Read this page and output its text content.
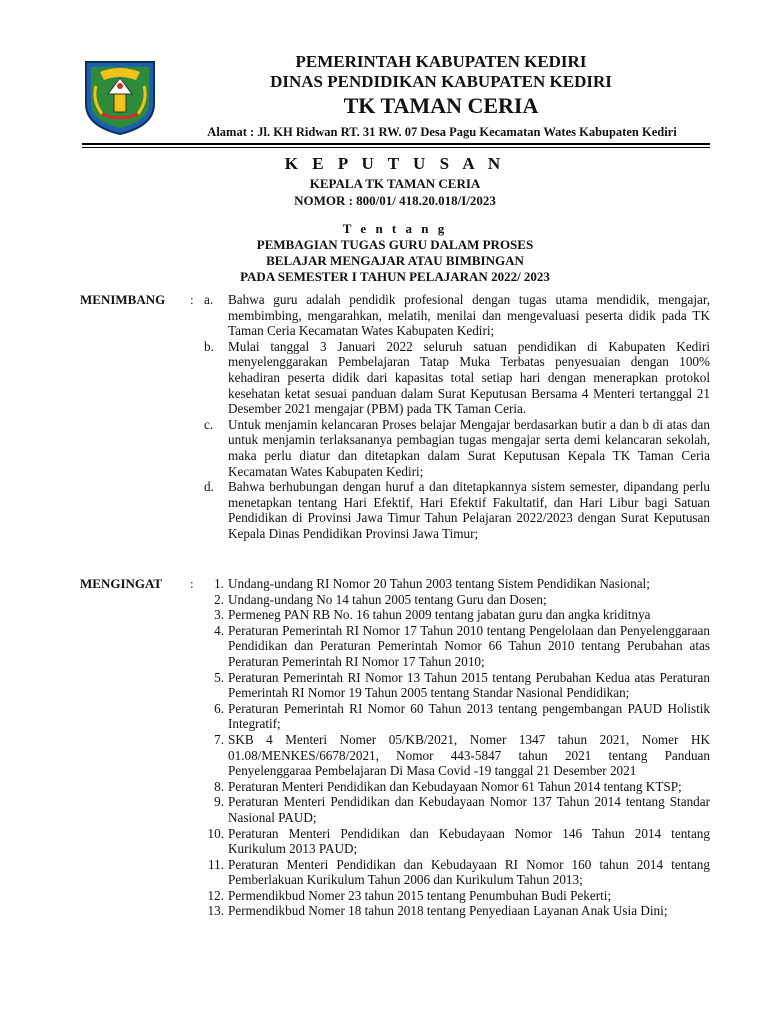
PEMERINTAH KABUPATEN KEDIRI
DINAS PENDIDIKAN KABUPATEN KEDIRI
TK TAMAN CERIA
Alamat : Jl. KH Ridwan RT. 31 RW. 07 Desa Pagu Kecamatan Wates Kabupaten Kediri
K E P U T U S A N
KEPALA TK TAMAN CERIA
NOMOR : 800/01/ 418.20.018/I/2023
T e n t a n g
PEMBAGIAN TUGAS GURU DALAM PROSES
BELAJAR MENGAJAR ATAU BIMBINGAN
PADA SEMESTER I TAHUN PELAJARAN 2022/ 2023
MENIMBANG	: a.	Bahwa guru adalah pendidik profesional dengan tugas utama mendidik, mengajar, membimbing, mengarahkan, melatih, menilai dan mengevaluasi peserta didik pada TK Taman Ceria Kecamatan Wates Kabupaten Kediri;
b.	Mulai tanggal 3 Januari 2022 seluruh satuan pendidikan di Kabupaten Kediri menyelenggarakan Pembelajaran Tatap Muka Terbatas penyesuaian dengan 100% kehadiran peserta didik dari kapasitas total setiap hari dengan menerapkan protokol kesehatan ketat sesuai panduan dalam Surat Keputusan Bersama 4 Menteri tertanggal 21 Desember 2021 mengajar (PBM) pada TK Taman Ceria.
c.	Untuk menjamin kelancaran Proses belajar Mengajar berdasarkan butir a dan b di atas dan untuk menjamin terlaksananya pembagian tugas mengajar serta demi kelancaran sekolah, maka perlu diatur dan ditetapkan dalam Surat Keputusan Kepala TK Taman Ceria Kecamatan Wates Kabupaten Kediri;
d.	Bahwa berhubungan dengan huruf a dan ditetapkannya sistem semester, dipandang perlu menetapkan tentang Hari Efektif, Hari Efektif Fakultatif, dan Hari Libur bagi Satuan Pendidikan di Provinsi Jawa Timur Tahun Pelajaran 2022/2023 dengan Surat Keputusan Kepala Dinas Pendidikan Provinsi Jawa Timur;
MENGINGAT	:	1. Undang-undang RI Nomor 20 Tahun 2003 tentang Sistem Pendidikan Nasional;
2. Undang-undang No 14 tahun 2005 tentang Guru dan Dosen;
3. Permeneg PAN RB No. 16 tahun 2009 tentang jabatan guru dan angka kriditnya
4. Peraturan Pemerintah RI Nomor 17 Tahun 2010 tentang Pengelolaan dan Penyelenggaraan Pendidikan dan Peraturan Pemerintah Nomor 66 Tahun 2010 tentang Perubahan atas Peraturan Pemerintah RI Nomor 17 Tahun 2010;
5. Peraturan Pemerintah RI Nomor 13 Tahun 2015 tentang Perubahan Kedua atas Peraturan Pemerintah RI Nomor 19 Tahun 2005 tentang Standar Nasional Pendidikan;
6. Peraturan Pemerintah RI Nomor 60 Tahun 2013 tentang pengembangan PAUD Holistik Integratif;
7. SKB 4 Menteri Nomer 05/KB/2021, Nomer 1347 tahun 2021, Nomer HK 01.08/MENKES/6678/2021, Nomor 443-5847 tahun 2021 tentang Panduan Penyelenggaraa Pembelajaran Di Masa Covid -19 tanggal 21 Desember 2021
8. Peraturan Menteri Pendidikan dan Kebudayaan Nomor 61 Tahun 2014 tentang KTSP;
9. Peraturan Menteri Pendidikan dan Kebudayaan Nomor 137 Tahun 2014 tentang Standar Nasional PAUD;
10. Peraturan Menteri Pendidikan dan Kebudayaan Nomor 146 Tahun 2014 tentang Kurikulum 2013 PAUD;
11. Peraturan Menteri Pendidikan dan Kebudayaan RI Nomor 160 tahun 2014 tentang Pemberlakuan Kurikulum Tahun 2006 dan Kurikulum Tahun 2013;
12. Permendikbud Nomer 23 tahun 2015 tentang Penumbuhan Budi Pekerti;
13. Permendikbud Nomer 18 tahun 2018 tentang Penyediaan Layanan Anak Usia Dini;
